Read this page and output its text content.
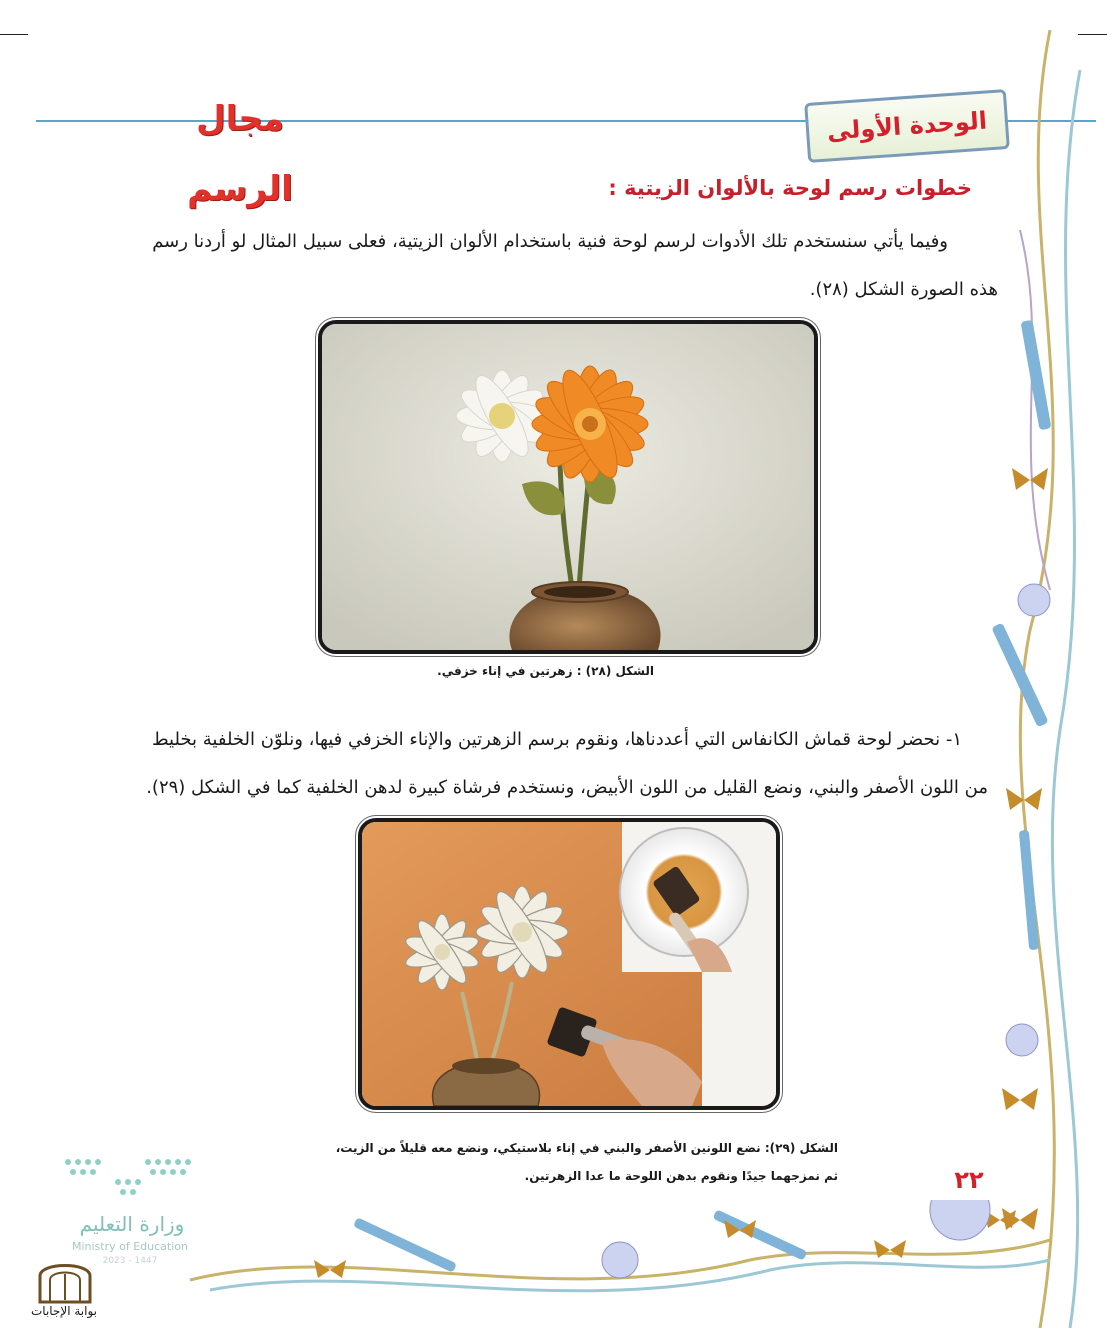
مجال الرسم
الوحدة الأولى
خطوات رسم لوحة بالألوان الزيتية :
وفيما يأتي سنستخدم تلك الأدوات لرسم لوحة فنية باستخدام الألوان الزيتية، فعلى سبيل المثال لو أردنا رسم
هذه الصورة الشكل (٢٨).
الشكل (٢٨) : زهرتين في إناء خزفي.
١- نحضر لوحة قماش الكانفاس التي أعددناها، ونقوم برسم الزهرتين والإناء الخزفي فيها، ونلوّن الخلفية بخليط
من اللون الأصفر والبني، ونضع القليل من اللون الأبيض، ونستخدم فرشاة كبيرة لدهن الخلفية كما في الشكل (٢٩).
الشكل (٢٩): نضع اللونين الأصفر والبني في إناء بلاستيكي، ونضع معه قليلاً من الزيت،
ثم نمزجهما جيدًا ونقوم بدهن اللوحة ما عدا الزهرتين.	٢٢
وزارة التعليم
Ministry of Education
2023 - 1447
بوابة الإجابات
